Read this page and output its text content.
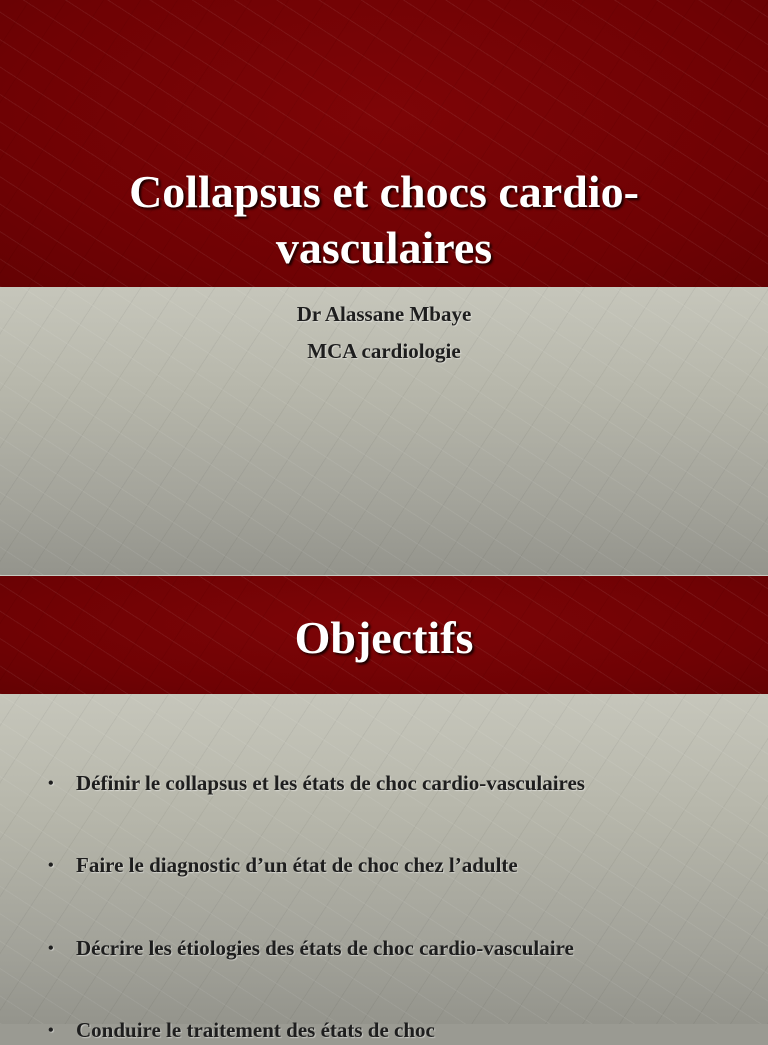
Collapsus et chocs cardio-vasculaires

Dr Alassane Mbaye

MCA cardiologie

Objectifs
• Définir le collapsus et les états de choc cardio-vasculaires
• Faire le diagnostic d’un état de choc chez l’adulte
• Décrire les étiologies des états de choc cardio-vasculaire
• Conduire le traitement des états de choc
